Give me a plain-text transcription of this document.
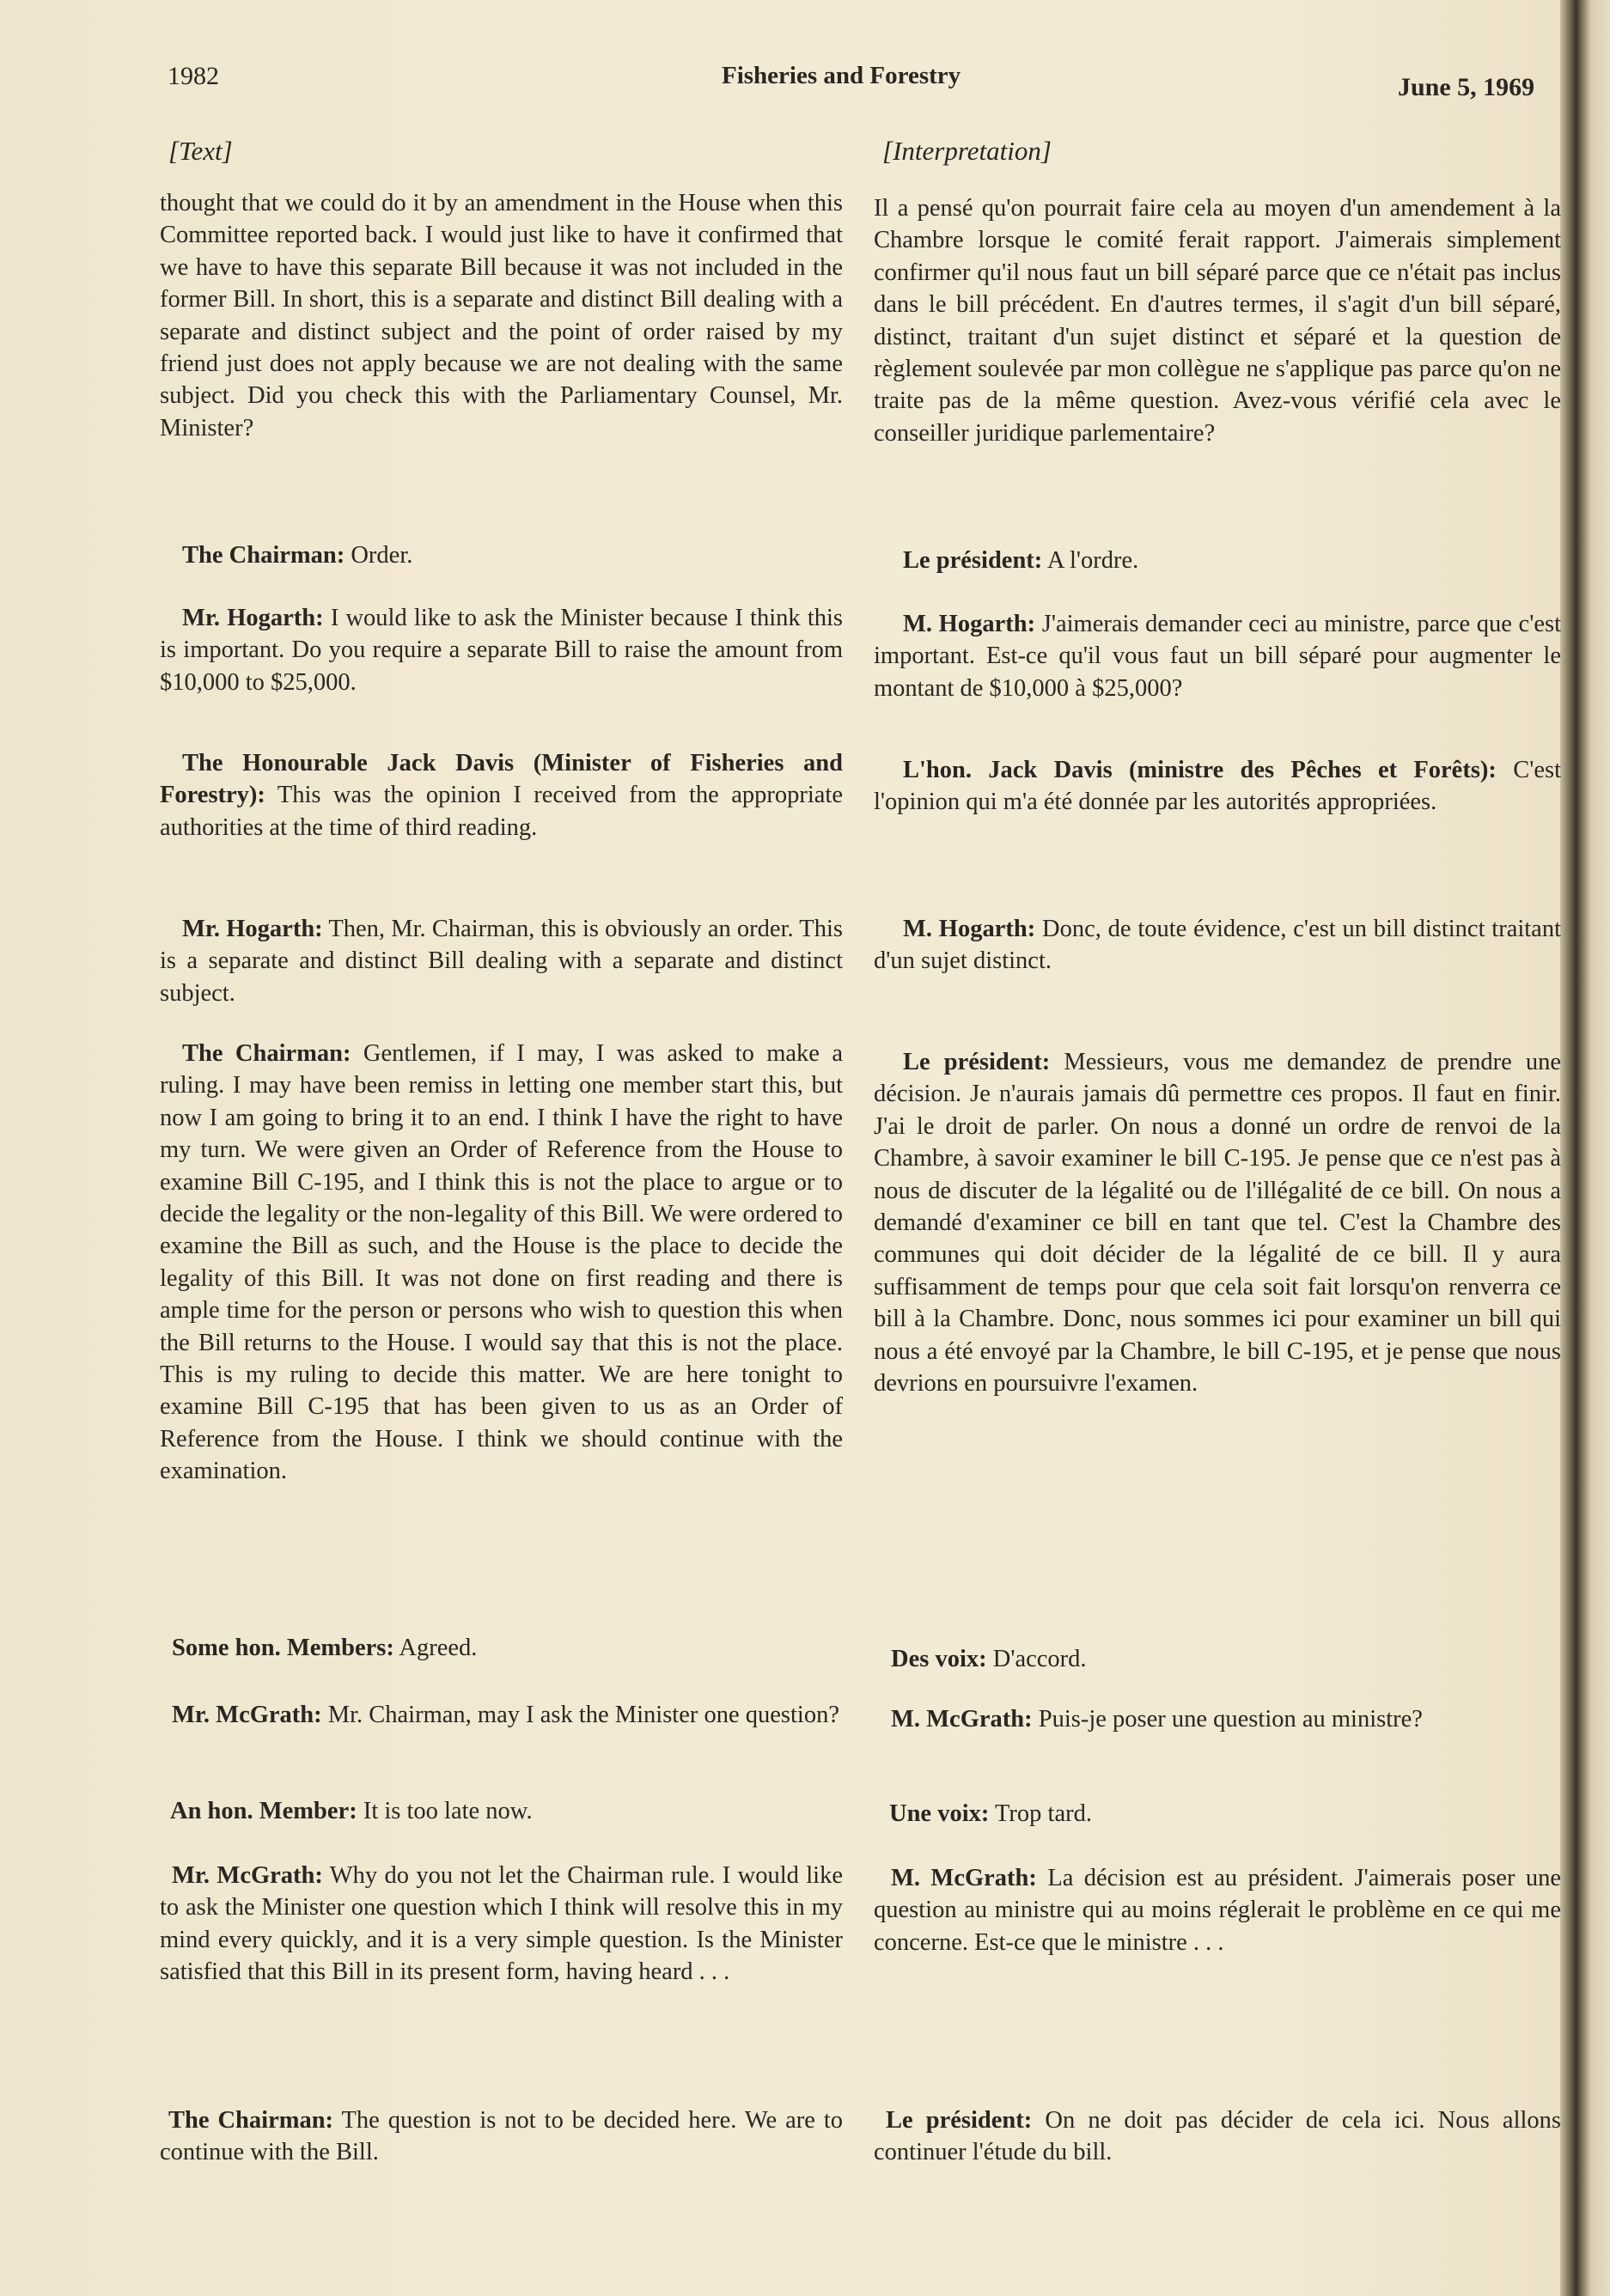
1982	Fisheries and Forestry	June 5, 1969
[Text]

thought that we could do it by an amendment in the House when this Committee reported back. I would just like to have it confirmed that we have to have this separate Bill because it was not included in the former Bill. In short, this is a separate and distinct Bill dealing with a separate and distinct subject and the point of order raised by my friend just does not apply because we are not dealing with the same subject. Did you check this with the Parliamentary Counsel, Mr. Minister?

The Chairman: Order.

Mr. Hogarth: I would like to ask the Minister because I think this is important. Do you require a separate Bill to raise the amount from $10,000 to $25,000.

The Honourable Jack Davis (Minister of Fisheries and Forestry): This was the opinion I received from the appropriate authorities at the time of third reading.

Mr. Hogarth: Then, Mr. Chairman, this is obviously an order. This is a separate and distinct Bill dealing with a separate and distinct subject.

The Chairman: Gentlemen, if I may, I was asked to make a ruling. I may have been remiss in letting one member start this, but now I am going to bring it to an end. I think I have the right to have my turn. We were given an Order of Reference from the House to examine Bill C-195, and I think this is not the place to argue or to decide the legality or the non-legality of this Bill. We were ordered to examine the Bill as such, and the House is the place to decide the legality of this Bill. It was not done on first reading and there is ample time for the person or persons who wish to question this when the Bill returns to the House. I would say that this is not the place. This is my ruling to decide this matter. We are here tonight to examine Bill C-195 that has been given to us as an Order of Reference from the House. I think we should continue with the examination.

Some hon. Members: Agreed.

Mr. McGrath: Mr. Chairman, may I ask the Minister one question?

An hon. Member: It is too late now.

Mr. McGrath: Why do you not let the Chairman rule. I would like to ask the Minister one question which I think will resolve this in my mind every quickly, and it is a very simple question. Is the Minister satisfied that this Bill in its present form, having heard . . .

The Chairman: The question is not to be decided here. We are to continue with the Bill.

[Interpretation]

Il a pensé qu'on pourrait faire cela au moyen d'un amendement à la Chambre lorsque le comité ferait rapport. J'aimerais simplement confirmer qu'il nous faut un bill séparé parce que ce n'était pas inclus dans le bill précédent. En d'autres termes, il s'agit d'un bill séparé, distinct, traitant d'un sujet distinct et séparé et la question de règlement soulevée par mon collègue ne s'applique pas parce qu'on ne traite pas de la même question. Avez-vous vérifié cela avec le conseiller juridique parlementaire?

Le président: A l'ordre.

M. Hogarth: J'aimerais demander ceci au ministre, parce que c'est important. Est-ce qu'il vous faut un bill séparé pour augmenter le montant de $10,000 à $25,000?

L'hon. Jack Davis (ministre des Pêches et Forêts): C'est l'opinion qui m'a été donnée par les autorités appropriées.

M. Hogarth: Donc, de toute évidence, c'est un bill distinct traitant d'un sujet distinct.

Le président: Messieurs, vous me demandez de prendre une décision. Je n'aurais jamais dû permettre ces propos. Il faut en finir. J'ai le droit de parler. On nous a donné un ordre de renvoi de la Chambre, à savoir examiner le bill C-195. Je pense que ce n'est pas à nous de discuter de la légalité ou de l'illégalité de ce bill. On nous a demandé d'examiner ce bill en tant que tel. C'est la Chambre des communes qui doit décider de la légalité de ce bill. Il y aura suffisamment de temps pour que cela soit fait lorsqu'on renverra ce bill à la Chambre. Donc, nous sommes ici pour examiner un bill qui nous a été envoyé par la Chambre, le bill C-195, et je pense que nous devrions en poursuivre l'examen.

Des voix: D'accord.

M. McGrath: Puis-je poser une question au ministre?

Une voix: Trop tard.

M. McGrath: La décision est au président. J'aimerais poser une question au ministre qui au moins réglerait le problème en ce qui me concerne. Est-ce que le ministre . . .

Le président: On ne doit pas décider de cela ici. Nous allons continuer l'étude du bill.
